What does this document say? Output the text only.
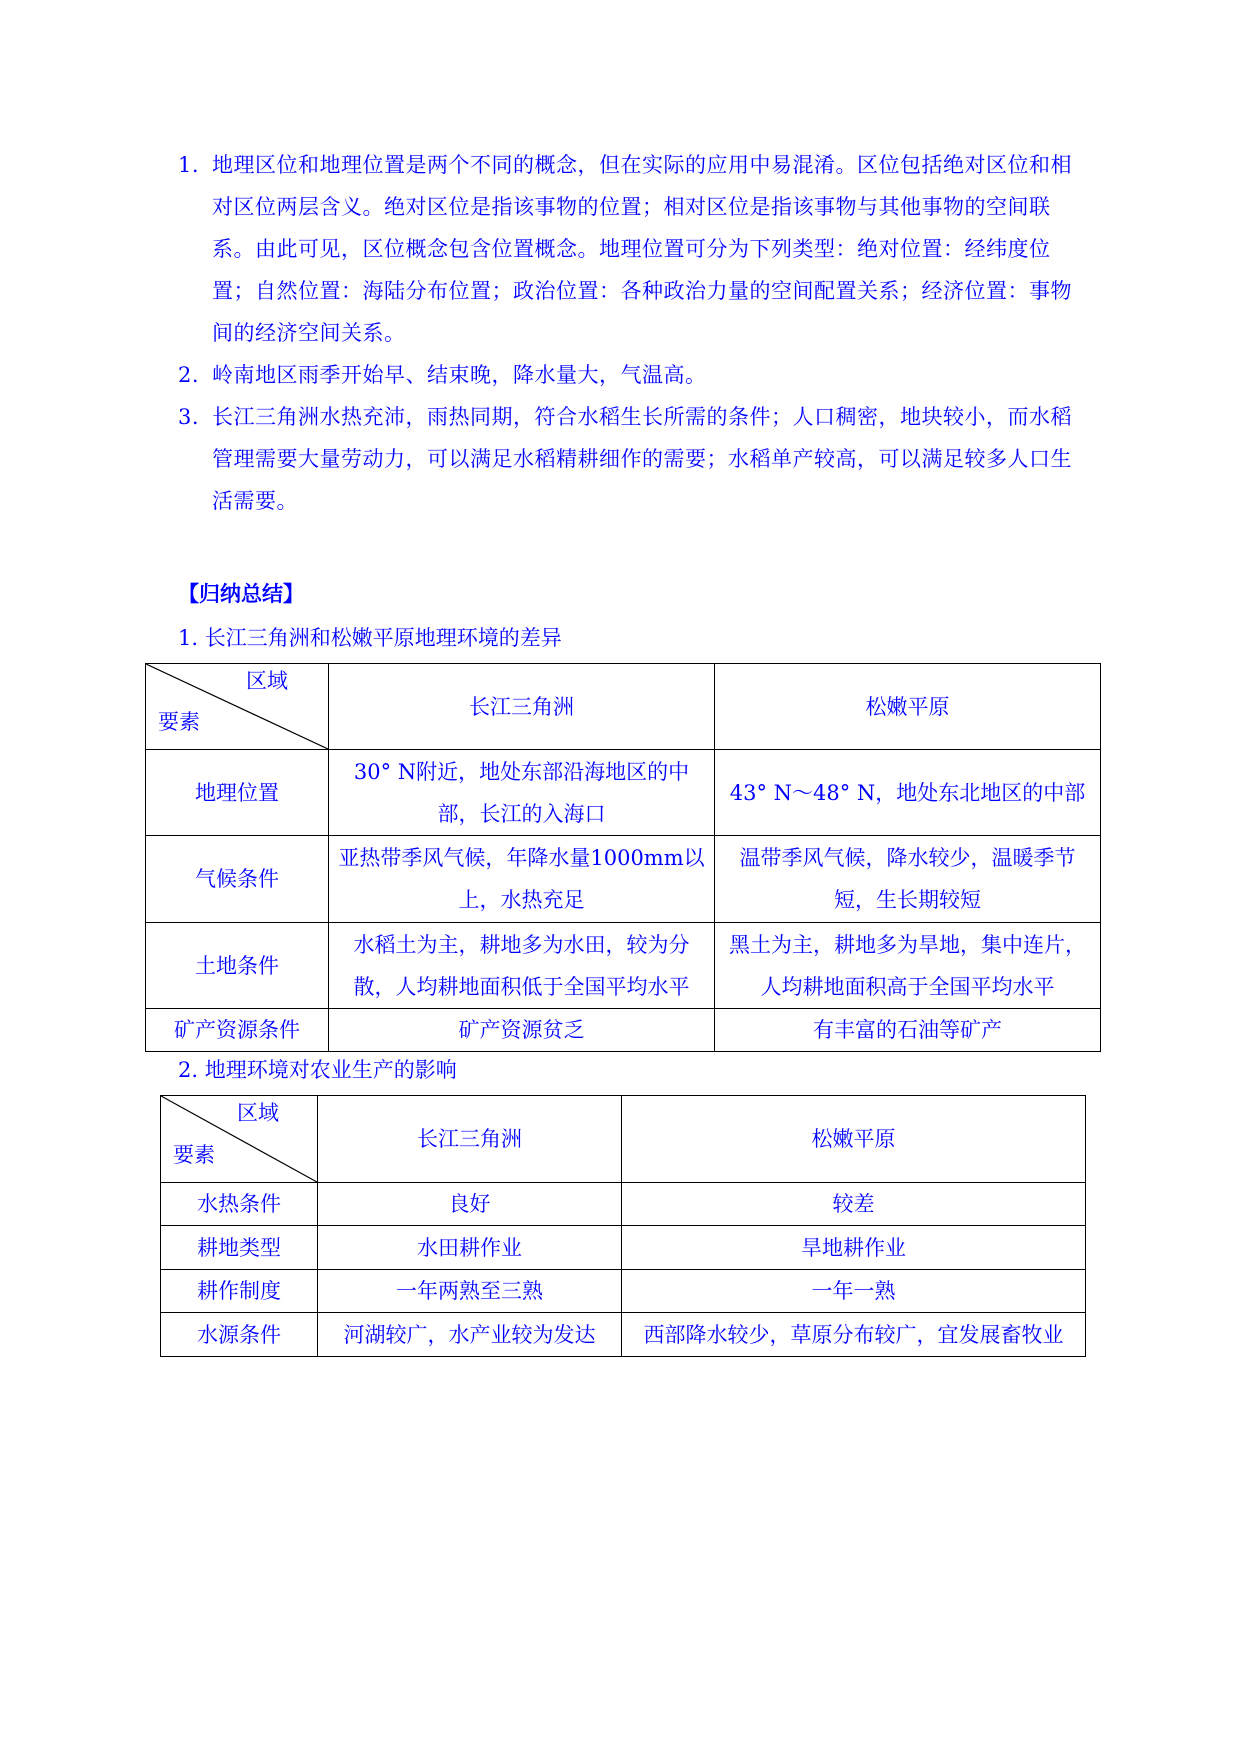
1. 地理区位和地理位置是两个不同的概念，但在实际的应用中易混淆。区位包括绝对区位和相对区位两层含义。绝对区位是指该事物的位置；相对区位是指该事物与其他事物的空间联系。由此可见，区位概念包含位置概念。地理位置可分为下列类型：绝对位置：经纬度位置；自然位置：海陆分布位置；政治位置：各种政治力量的空间配置关系；经济位置：事物间的经济空间关系。
2. 岭南地区雨季开始早、结束晚，降水量大，气温高。
3. 长江三角洲水热充沛，雨热同期，符合水稻生长所需的条件；人口稠密，地块较小，而水稻管理需要大量劳动力，可以满足水稻精耕细作的需要；水稻单产较高，可以满足较多人口生活需要。

【归纳总结】

1. 长江三角洲和松嫩平原地理环境的差异

区域
要素	长江三角洲	松嫩平原
地理位置	30° N附近，地处东部沿海地区的中部，长江的入海口	43° N～48° N，地处东北地区的中部
气候条件	亚热带季风气候，年降水量1000mm以上，水热充足	温带季风气候，降水较少，温暖季节短，生长期较短
土地条件	水稻土为主，耕地多为水田，较为分散，人均耕地面积低于全国平均水平	黑土为主，耕地多为旱地，集中连片，人均耕地面积高于全国平均水平
矿产资源条件	矿产资源贫乏	有丰富的石油等矿产

2. 地理环境对农业生产的影响

区域
要素	长江三角洲	松嫩平原
水热条件	良好	较差
耕地类型	水田耕作业	旱地耕作业
耕作制度	一年两熟至三熟	一年一熟
水源条件	河湖较广，水产业较为发达	西部降水较少，草原分布较广，宜发展畜牧业
